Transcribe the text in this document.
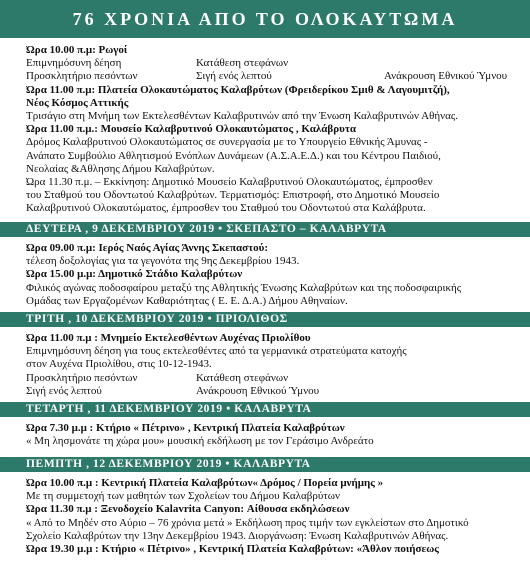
76 ΧΡΟΝΙΑ ΑΠΟ ΤΟ ΟΛΟΚΑΥΤΩΜΑ
Ώρα 10.00 π.μ: Ρωγοί
Επιμνημόσυνη δέηση	Κατάθεση στεφάνων
Προσκλητήριο πεσόντων	Σιγή ενός λεπτού	Ανάκρουση Εθνικού Ύμνου
Ώρα 11.00 π.μ: Πλατεία Ολοκαυτώματος Καλαβρύτων (Φρειδερίκου Σμιθ & Λαγουμιτζή),
Νέος Κόσμος Αττικής
Τρισάγιο στη Μνήμη των Εκτελεσθέντων Καλαβρυτινών από την Ένωση Καλαβρυτινών Αθήνας.
Ώρα 11.00 π.μ.: Μουσείο Καλαβρυτινού Ολοκαυτώματος , Καλάβρυτα
Δρόμος Καλαβρυτινού Ολοκαυτώματος σε συνεργασία με το Υπουργείο Εθνικής Άμυνας -
Ανάπατο Συμβούλιο Αθλητισμού Ενόπλων Δυνάμεων (Α.Σ.Α.Ε.Δ.) και του Κέντρου Παιδιού,
Νεολαίας &Αθλησης Δήμου Καλαβρύτων.
Ώρα 11.30 π.μ. – Εκκίνηση: Δημοτικό Μουσείο Καλαβρυτινού Ολοκαυτώματος, έμπροσθεν
του Σταθμού του Οδοντωτού Καλαβρύτων. Τερματισμός: Επιστροφή, στο Δημοτικό Μουσείο
Καλαβρυτινού Ολοκαυτώματος, έμπροσθεν του Σταθμού του Οδοντωτού στα Καλάβρυτα.
ΔΕΥΤΕΡΑ , 9 ΔΕΚΕΜΒΡΙΟΥ 2019 • ΣΚΕΠΑΣΤΟ – ΚΑΛΑΒΡΥΤΑ
Ώρα 09.00 π.μ: Ιερός Ναός Αγίας Άννης Σκεπαστού:
τέλεση δοξολογίας για τα γεγονότα της 9ης Δεκεμβρίου 1943.
Ώρα 15.00 μ.μ: Δημοτικό Στάδιο Καλαβρύτων
Φιλικός αγώνας ποδοσφαίρου μεταξύ της Αθλητικής Ένωσης Καλαβρύτων και της ποδοσφαιρικής
Ομάδας των Εργαζομένων Καθαριότητας ( Ε. Ε. Δ.Α.) Δήμου Αθηναίων.
ΤΡΙΤΗ , 10 ΔΕΚΕΜΒΡΙΟΥ 2019 • ΠΡΙΟΛΙΘΟΣ
Ώρα 11.00 π.μ : Μνημείο Εκτελεσθέντων Αυχένας Πριολίθου
Επιμνημόσυνη δέηση για τους εκτελεσθέντες από τα γερμανικά στρατεύματα κατοχής
στον Αυχένα Πριολίθου, στις 10-12-1943.
Προσκλητήριο πεσόντων	Κατάθεση στεφάνων
Σιγή ενός λεπτού	Ανάκρουση Εθνικού Ύμνου
ΤΕΤΑΡΤΗ , 11 ΔΕΚΕΜΒΡΙΟΥ 2019 • ΚΑΛΑΒΡΥΤΑ
Ώρα 7.30 μ.μ : Κτήριο « Πέτρινο» , Κεντρική Πλατεία Καλαβρύτων
« Μη λησμονάτε τη χώρα μου» μουσική εκδήλωση με τον Γεράσιμο Ανδρεάτο
ΠΕΜΠΤΗ , 12 ΔΕΚΕΜΒΡΙΟΥ 2019 • ΚΑΛΑΒΡΥΤΑ
Ώρα 10.00 π.μ : Κεντρική Πλατεία Καλαβρύτων« Δρόμος / Πορεία μνήμης »
Με τη συμμετοχή των μαθητών των Σχολείων του Δήμου Καλαβρύτων
Ώρα 11.30 π.μ : Ξενοδοχείο Kalavrita Canyon: Αίθουσα εκδηλώσεων
« Από το Μηδέν στο Αύριο – 76 χρόνια μετά » Εκδήλωση προς τιμήν των εγκλείστων στο Δημοτικό
Σχολείο Καλαβρύτων την 13ην Δεκεμβρίου 1943. Διοργάνωση: Ένωση Καλαβρυτινών Αθήνας.
Ώρα 19.30 μ.μ : Κτήριο « Πέτρινο» , Κεντρική Πλατεία Καλαβρύτων: «Άθλον ποιήσεως
